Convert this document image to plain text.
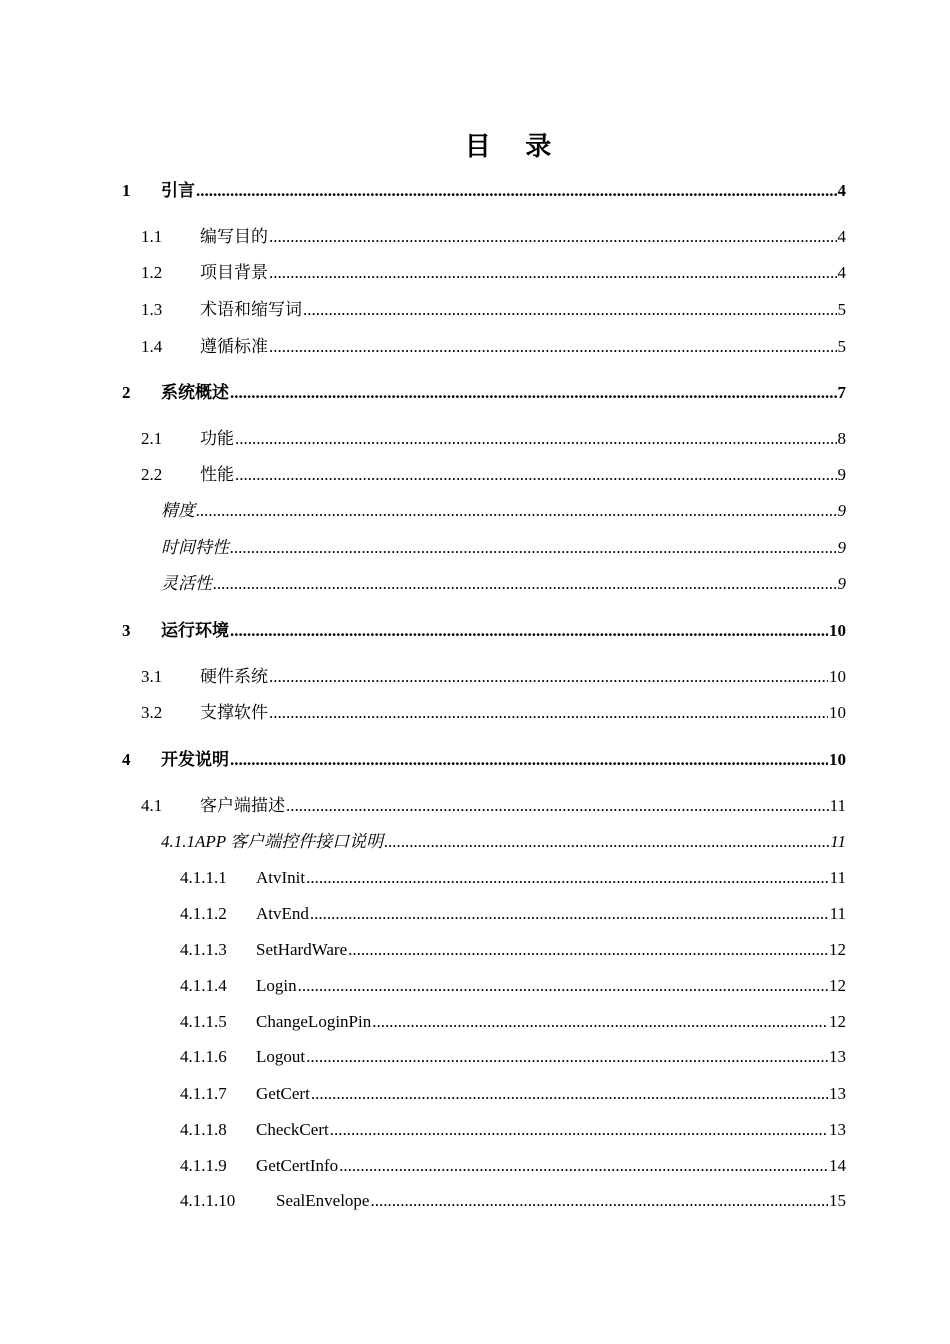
目 录
1	引言 .....	4
1.1	编写目的 .....	4
1.2	项目背景 .....	4
1.3	术语和缩写词 .....	5
1.4	遵循标准 .....	5
2	系统概述 .....	7
2.1	功能 .....	8
2.2	性能 .....	9
精度 .....	9
时间特性 .....	9
灵活性 .....	9
3	运行环境 .....	10
3.1	硬件系统 .....	10
3.2	支撑软件 .....	10
4	开发说明 .....	10
4.1	客户端描述 .....	11
4.1.1APP 客户端控件接口说明 .....	11
4.1.1.1	AtvInit .....	11
4.1.1.2	AtvEnd .....	11
4.1.1.3	SetHardWare .....	12
4.1.1.4	Login .....	12
4.1.1.5	ChangeLoginPin .....	12
4.1.1.6	Logout .....	13
4.1.1.7	GetCert .....	13
4.1.1.8	CheckCert .....	13
4.1.1.9	GetCertInfo .....	14
4.1.1.10	SealEnvelope .....	15
